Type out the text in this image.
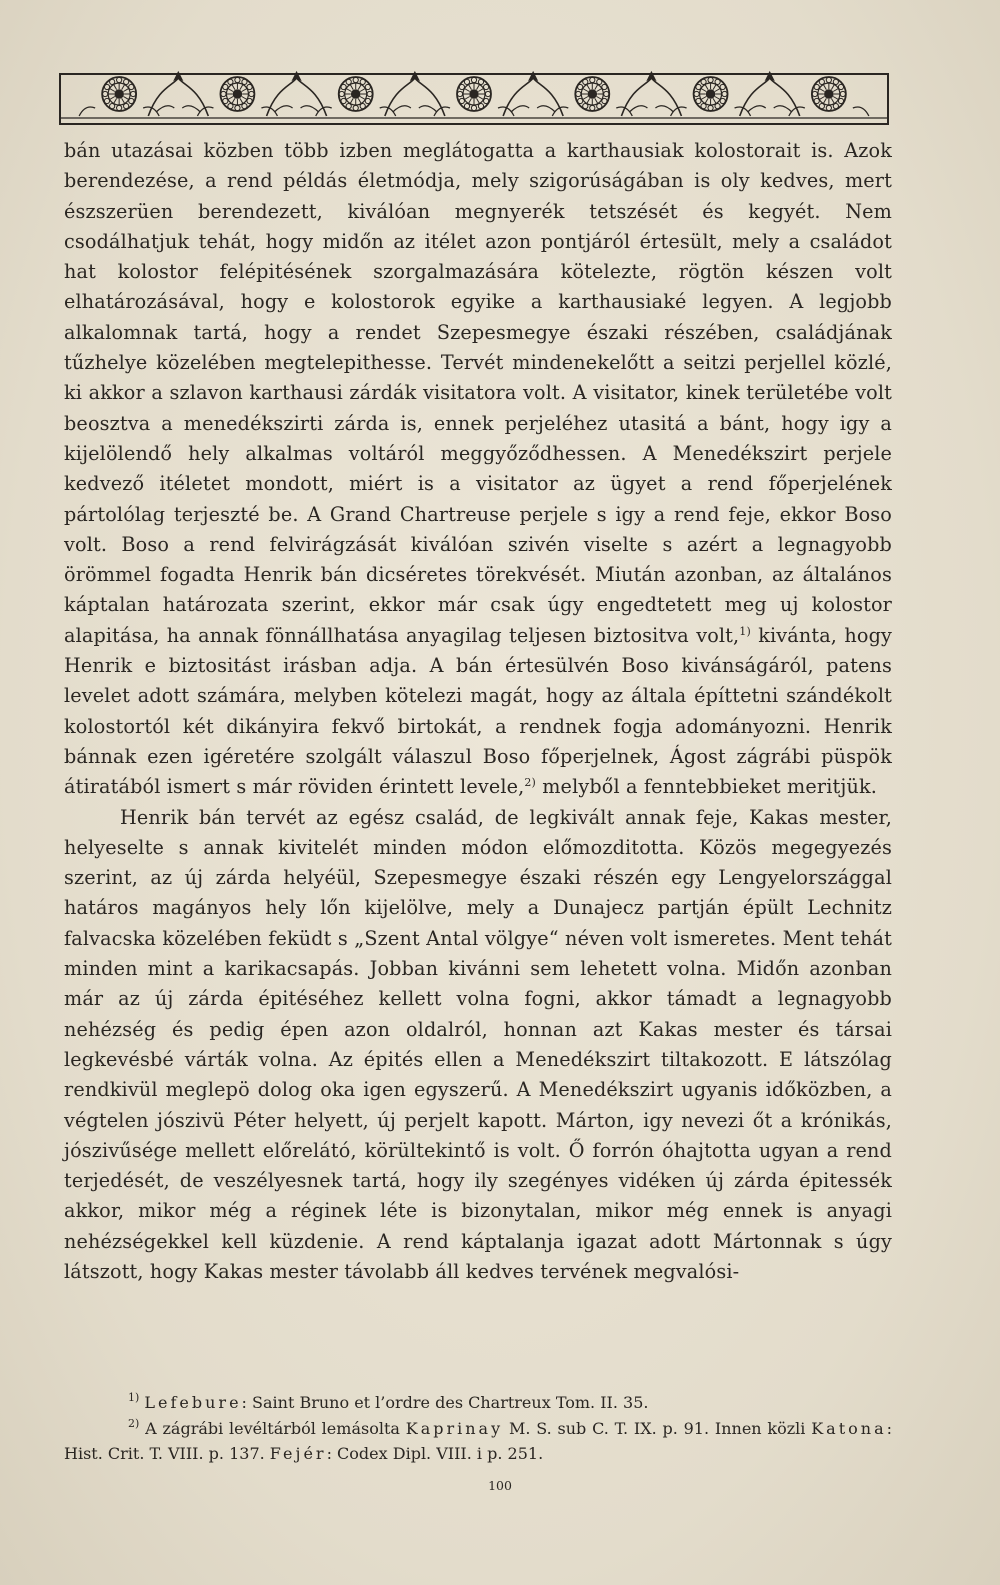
bán utazásai közben több izben meglátogatta a karthausiak kolostorait is. Azok berendezése, a rend példás életmódja, mely szigorúságában is oly kedves, mert észszerüen berendezett, kiválóan megnyerék tetszését és kegyét. Nem csodálhatjuk tehát, hogy midőn az itélet azon pontjáról értesült, mely a családot hat kolostor felépitésének szorgalmazására kötelezte, rögtön készen volt elhatározásával, hogy e kolostorok egyike a karthausiaké legyen. A legjobb alkalomnak tartá, hogy a rendet Szepesmegye északi részében, családjának tűzhelye közelében megtelepithesse. Tervét mindenekelőtt a seitzi perjellel közlé, ki akkor a szlavon karthausi zárdák visitatora volt. A visitator, kinek területébe volt beosztva a menedékszirti zárda is, ennek perjeléhez utasitá a bánt, hogy igy a kijelölendő hely alkalmas voltáról meggyőződhessen. A Menedékszirt perjele kedvező itéletet mondott, miért is a visitator az ügyet a rend főperjelének pártolólag terjeszté be. A Grand Chartreuse perjele s igy a rend feje, ekkor Boso volt. Boso a rend felvirágzását kiválóan szivén viselte s azért a legnagyobb örömmel fogadta Henrik bán dicséretes törekvését. Miután azonban, az általános káptalan határozata szerint, ekkor már csak úgy engedtetett meg uj kolostor alapitása, ha annak fönnállhatása anyagilag teljesen biztositva volt,$^{1)}$ kivánta, hogy Henrik e biztositást irásban adja. A bán értesülvén Boso kivánságáról, patens levelet adott számára, melyben kötelezi magát, hogy az általa építtetni szándékolt kolostortól két dikányira fekvő birtokát, a rendnek fogja adományozni. Henrik bánnak ezen igéretére szolgált válaszul Boso főperjelnek, Ágost zágrábi püspök átiratából ismert s már röviden érintett levele,$^{2)}$ melyből a fenntebbieket meritjük.

Henrik bán tervét az egész család, de legkivált annak feje, Kakas mester, helyeselte s annak kivitelét minden módon előmozditotta. Közös megegyezés szerint, az új zárda helyéül, Szepesmegye északi részén egy Lengyelországgal határos magányos hely lőn kijelölve, mely a Dunajecz partján épült Lechnitz falvacska közelében feküdt s „Szent Antal völgye“ néven volt ismeretes. Ment tehát minden mint a karikacsapás. Jobban kivánni sem lehetett volna. Midőn azonban már az új zárda épitéséhez kellett volna fogni, akkor támadt a legnagyobb nehézség és pedig épen azon oldalról, honnan azt Kakas mester és társai legkevésbé várták volna. Az épités ellen a Menedékszirt tiltakozott. E látszólag rendkivül meglepö dolog oka igen egyszerű. A Menedékszirt ugyanis időközben, a végtelen jószivü Péter helyett, új perjelt kapott. Márton, igy nevezi őt a krónikás, jószivűsége mellett előrelátó, körültekintő is volt. Ő forrón óhajtotta ugyan a rend terjedését, de veszélyesnek tartá, hogy ily szegényes vidéken új zárda épitessék akkor, mikor még a réginek léte is bizonytalan, mikor még ennek is anyagi nehézségekkel kell küzdenie. A rend káptalanja igazat adott Mártonnak s úgy látszott, hogy Kakas mester távolabb áll kedves tervének megvalósi-

$^{1)}$ Lefebure: Saint Bruno et l’ordre des Chartreux Tom. II. 35.

$^{2)}$ A zágrábi levéltárból lemásolta Kaprinay M. S. sub C. T. IX. p. 91. Innen közli Katona: Hist. Crit. T. VIII. p. 137. Fejér: Codex Dipl. VIII. i p. 251.

100
